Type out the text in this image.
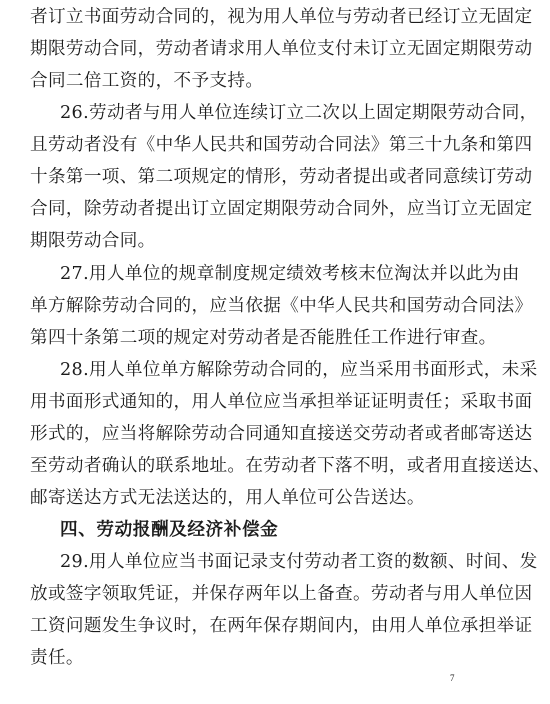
者订立书面劳动合同的，视为用人单位与劳动者已经订立无固定
期限劳动合同，劳动者请求用人单位支付未订立无固定期限劳动
合同二倍工资的，不予支持。
26.劳动者与用人单位连续订立二次以上固定期限劳动合同，
且劳动者没有《中华人民共和国劳动合同法》第三十九条和第四
十条第一项、第二项规定的情形，劳动者提出或者同意续订劳动
合同，除劳动者提出订立固定期限劳动合同外，应当订立无固定
期限劳动合同。
27.用人单位的规章制度规定绩效考核末位淘汰并以此为由
单方解除劳动合同的，应当依据《中华人民共和国劳动合同法》
第四十条第二项的规定对劳动者是否能胜任工作进行审查。
28.用人单位单方解除劳动合同的，应当采用书面形式，未采
用书面形式通知的，用人单位应当承担举证证明责任；采取书面
形式的，应当将解除劳动合同通知直接送交劳动者或者邮寄送达
至劳动者确认的联系地址。在劳动者下落不明，或者用直接送达、
邮寄送达方式无法送达的，用人单位可公告送达。
四、劳动报酬及经济补偿金
29.用人单位应当书面记录支付劳动者工资的数额、时间、发
放或签字领取凭证，并保存两年以上备查。劳动者与用人单位因
工资问题发生争议时，在两年保存期间内，由用人单位承担举证
责任。
7
